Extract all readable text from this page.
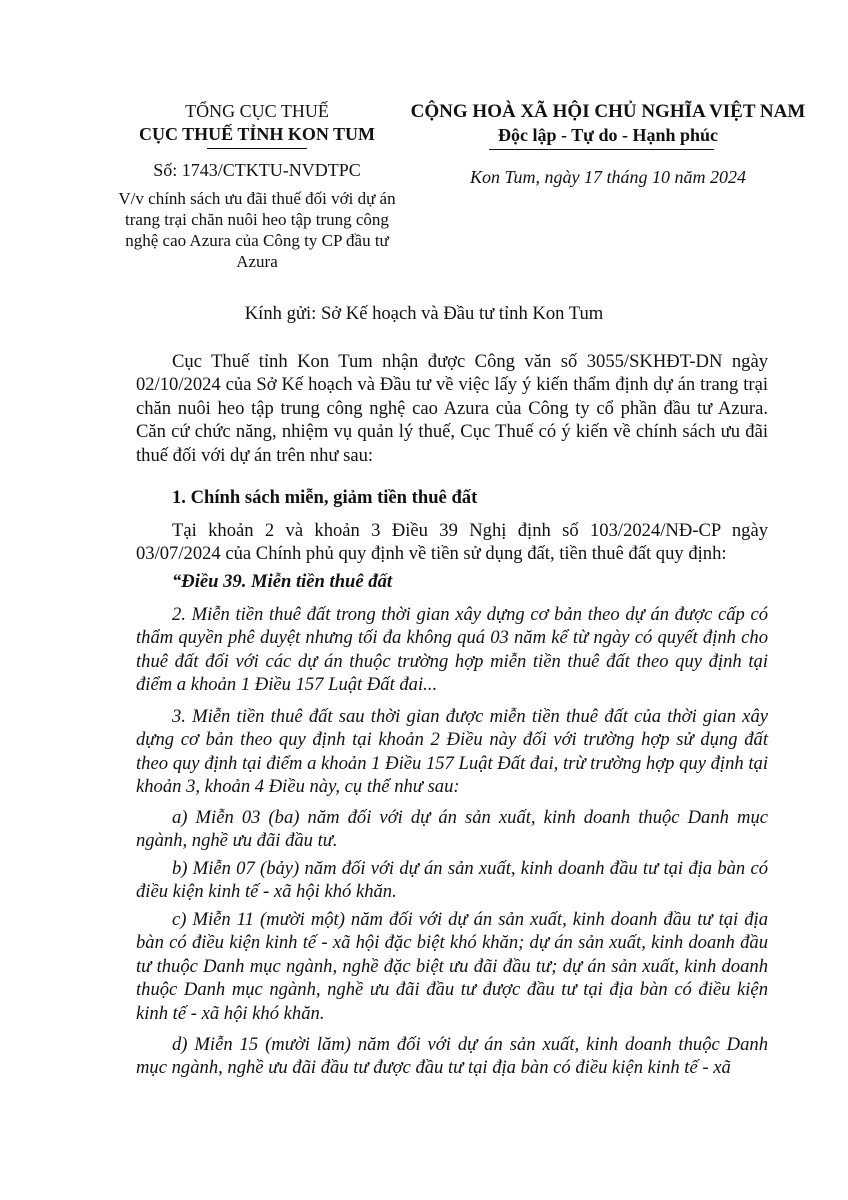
TỔNG CỤC THUẾ
CỤC THUẾ TỈNH KON TUM
Số: 1743/CTKTU-NVDTPC
V/v chính sách ưu đãi thuế đối với dự án trang trại chăn nuôi heo tập trung công nghệ cao Azura của Công ty CP đầu tư Azura
CỘNG HOÀ XÃ HỘI CHỦ NGHĨA VIỆT NAM
Độc lập - Tự do - Hạnh phúc
Kon Tum, ngày 17 tháng 10 năm 2024
Kính gửi: Sở Kế hoạch và Đầu tư tỉnh Kon Tum
Cục Thuế tỉnh Kon Tum nhận được Công văn số 3055/SKHĐT-DN ngày 02/10/2024 của Sở Kế hoạch và Đầu tư về việc lấy ý kiến thẩm định dự án trang trại chăn nuôi heo tập trung công nghệ cao Azura của Công ty cổ phần đầu tư Azura. Căn cứ chức năng, nhiệm vụ quản lý thuế, Cục Thuế có ý kiến về chính sách ưu đãi thuế đối với dự án trên như sau:
1. Chính sách miễn, giảm tiền thuê đất
Tại khoản 2 và khoản 3 Điều 39 Nghị định số 103/2024/NĐ-CP ngày 03/07/2024 của Chính phủ quy định về tiền sử dụng đất, tiền thuê đất quy định:
“Điều 39. Miễn tiền thuê đất
2. Miễn tiền thuê đất trong thời gian xây dựng cơ bản theo dự án được cấp có thẩm quyền phê duyệt nhưng tối đa không quá 03 năm kể từ ngày có quyết định cho thuê đất đối với các dự án thuộc trường hợp miễn tiền thuê đất theo quy định tại điểm a khoản 1 Điều 157 Luật Đất đai...
3. Miễn tiền thuê đất sau thời gian được miễn tiền thuê đất của thời gian xây dựng cơ bản theo quy định tại khoản 2 Điều này đối với trường hợp sử dụng đất theo quy định tại điểm a khoản 1 Điều 157 Luật Đất đai, trừ trường hợp quy định tại khoản 3, khoản 4 Điều này, cụ thể như sau:
a) Miễn 03 (ba) năm đối với dự án sản xuất, kinh doanh thuộc Danh mục ngành, nghề ưu đãi đầu tư.
b) Miễn 07 (bảy) năm đối với dự án sản xuất, kinh doanh đầu tư tại địa bàn có điều kiện kinh tế - xã hội khó khăn.
c) Miễn 11 (mười một) năm đối với dự án sản xuất, kinh doanh đầu tư tại địa bàn có điều kiện kinh tế - xã hội đặc biệt khó khăn; dự án sản xuất, kinh doanh đầu tư thuộc Danh mục ngành, nghề đặc biệt ưu đãi đầu tư; dự án sản xuất, kinh doanh thuộc Danh mục ngành, nghề ưu đãi đầu tư được đầu tư tại địa bàn có điều kiện kinh tế - xã hội khó khăn.
d) Miễn 15 (mười lăm) năm đối với dự án sản xuất, kinh doanh thuộc Danh mục ngành, nghề ưu đãi đầu tư được đầu tư tại địa bàn có điều kiện kinh tế - xã
